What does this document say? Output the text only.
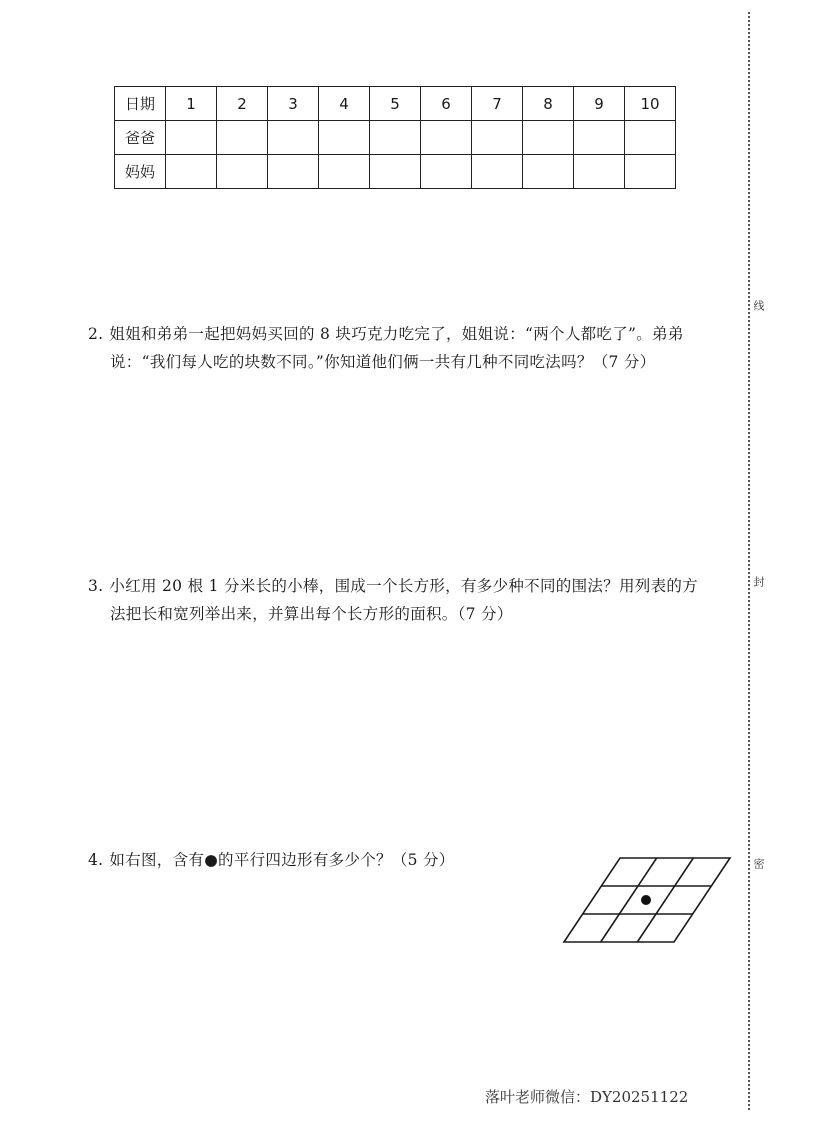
线
封
密
日期	1	2	3	4	5	6	7	8	9	10
爸爸										
妈妈										
2. 姐姐和弟弟一起把妈妈买回的 8 块巧克力吃完了，姐姐说：“两个人都吃了”。弟弟
说：“我们每人吃的块数不同。”你知道他们俩一共有几种不同吃法吗？（7 分）
3. 小红用 20 根 1 分米长的小棒，围成一个长方形，有多少种不同的围法？用列表的方
法把长和宽列举出来，并算出每个长方形的面积。（7 分）
4. 如右图，含有●的平行四边形有多少个？（5 分）
落叶老师微信：DY20251122
